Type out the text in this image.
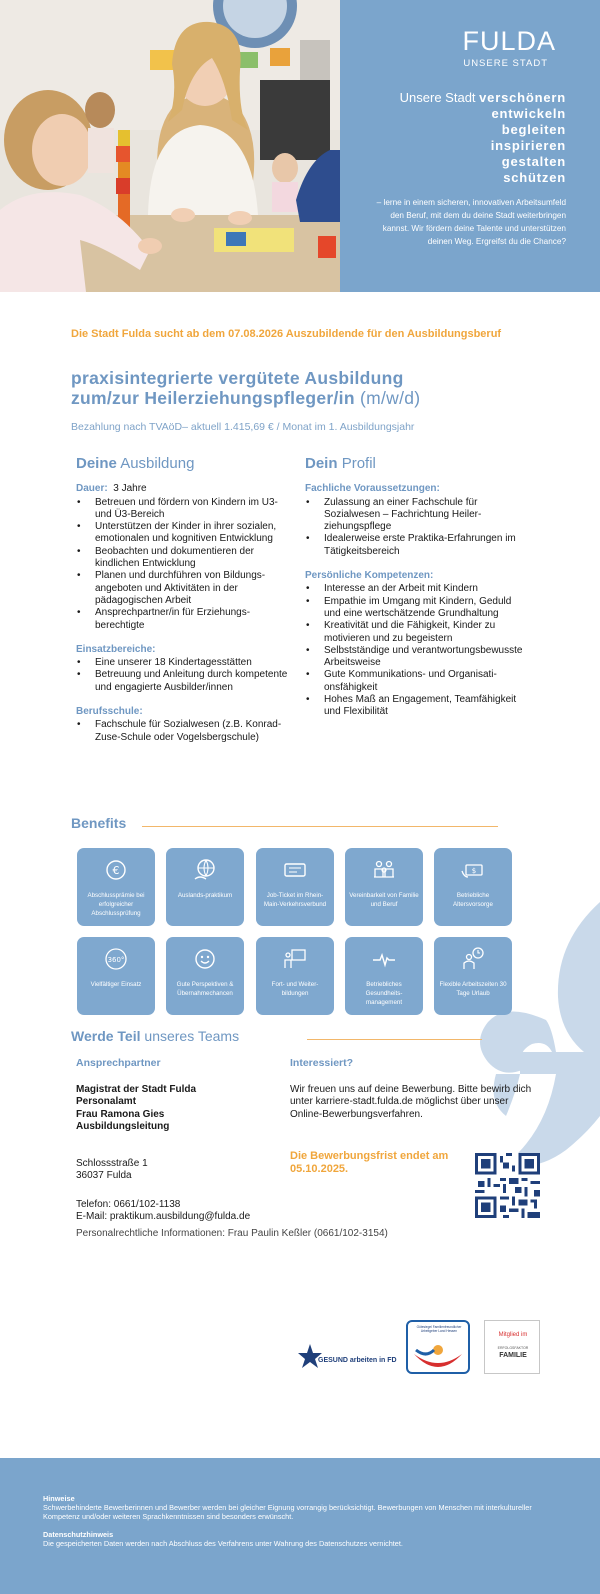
FULDA
UNSERE STADT
Unsere Stadt verschönern
entwickeln
begleiten
inspirieren
gestalten
schützen
– lerne in einem sicheren, innovativen Arbeitsumfeld den Beruf, mit dem du deine Stadt weiterbringen kannst. Wir fördern deine Talente und unterstützen deinen Weg. Ergreifst du die Chance?
Die Stadt Fulda sucht ab dem 07.08.2026 Auszubildende für den Ausbildungsberuf
praxisintegrierte vergütete Ausbildung
zum/zur Heilerziehungspfleger/in (m/w/d)
Bezahlung nach TVAöD– aktuell 1.415,69 € / Monat im 1. Ausbildungsjahr
Deine Ausbildung
Dauer: 3 Jahre
• Betreuen und fördern von Kindern im U3- und Ü3-Bereich
• Unterstützen der Kinder in ihrer sozialen, emotionalen und kognitiven Entwicklung
• Beobachten und dokumentieren der kindlichen Entwicklung
• Planen und durchführen von Bildungsangeboten und Aktivitäten in der pädagogischen Arbeit
• Ansprechpartner/in für Erziehungsberechtigte
Einsatzbereiche:
• Eine unserer 18 Kindertagesstätten
• Betreuung und Anleitung durch kompetente und engagierte Ausbilder/innen
Berufsschule:
• Fachschule für Sozialwesen (z.B. Konrad-Zuse-Schule oder Vogelsbergschule)
Dein Profil
Fachliche Voraussetzungen:
• Zulassung an einer Fachschule für Sozialwesen – Fachrichtung Heilerziehungspflege
• Idealerweise erste Praktika-Erfahrungen im Tätigkeitsbereich
Persönliche Kompetenzen:
• Interesse an der Arbeit mit Kindern
• Empathie im Umgang mit Kindern, Geduld und eine wertschätzende Grundhaltung
• Kreativität und die Fähigkeit, Kinder zu motivieren und zu begeistern
• Selbstständige und verantwortungsbewusste Arbeitsweise
• Gute Kommunikations- und Organisationsfähigkeit
• Hohes Maß an Engagement, Teamfähigkeit und Flexibilität
Benefits
€
Abschlussprämie bei erfolgreicher Abschlussprüfung
Auslands-praktikum	Job-Ticket im Rhein-Main-Verkehrsverbund
Vereinbarkeit von Familie und Beruf
$
Betriebliche Altersvorsorge
360°
Vielfältiger Einsatz	Gute Perspektiven & Übernahmechancen
Fort- und Weiter-bildungen
Betriebliches Gesundheits-management
Flexible Arbeitszeiten 30 Tage Urlaub
Werde Teil unseres Teams
Ansprechpartner
Magistrat der Stadt Fulda
Personalamt
Frau Ramona Gies
Ausbildungsleitung
Schlossstraße 1
36037 Fulda
Telefon: 0661/102-1138
E-Mail: praktikum.ausbildung@fulda.de
Interessiert?
Wir freuen uns auf deine Bewerbung. Bitte bewirb dich unter karriere-stadt.fulda.de möglichst über unser Online-Bewerbungsverfahren.
Die Bewerbungsfrist endet am 05.10.2025.
Personalrechtliche Informationen: Frau Paulin Keßler (0661/102-3154)
GESUND arbeiten in FD
Gütesiegel Familienfreundlicher Arbeitgeber Land Hessen
Mitglied im
ERFOLGSFAKTOR
FAMILIE
Hinweise

Schwerbehinderte Bewerberinnen und Bewerber werden bei gleicher Eignung vorrangig berücksichtigt. Bewerbungen von Menschen mit interkultureller Kompetenz und/oder weiteren Sprachkenntnissen sind besonders erwünscht.

Datenschutzhinweis

Die gespeicherten Daten werden nach Abschluss des Verfahrens unter Wahrung des Datenschutzes vernichtet.
